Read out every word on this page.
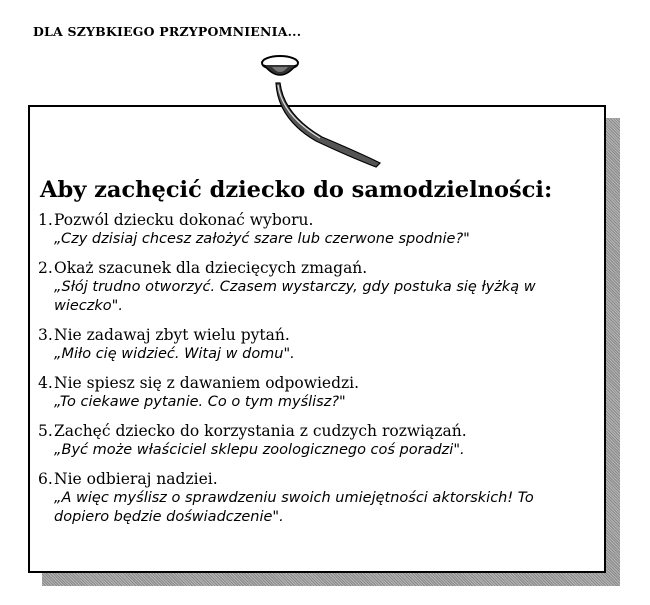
DLA SZYBKIEGO PRZYPOMNIENIA...
Aby zachęcić dziecko do samodzielności:
1. Pozwól dziecku dokonać wyboru.
„Czy dzisiaj chcesz założyć szare lub czerwone spodnie?"
2. Okaż szacunek dla dziecięcych zmagań.
„Słój trudno otworzyć. Czasem wystarczy, gdy postuka się łyżką w wieczko".
3. Nie zadawaj zbyt wielu pytań.
„Miło cię widzieć. Witaj w domu".
4. Nie spiesz się z dawaniem odpowiedzi.
„To ciekawe pytanie. Co o tym myślisz?"
5. Zachęć dziecko do korzystania z cudzych rozwiązań.
„Być może właściciel sklepu zoologicznego coś poradzi".
6. Nie odbieraj nadziei.
„A więc myślisz o sprawdzeniu swoich umiejętności aktorskich! To dopiero będzie doświadczenie".
